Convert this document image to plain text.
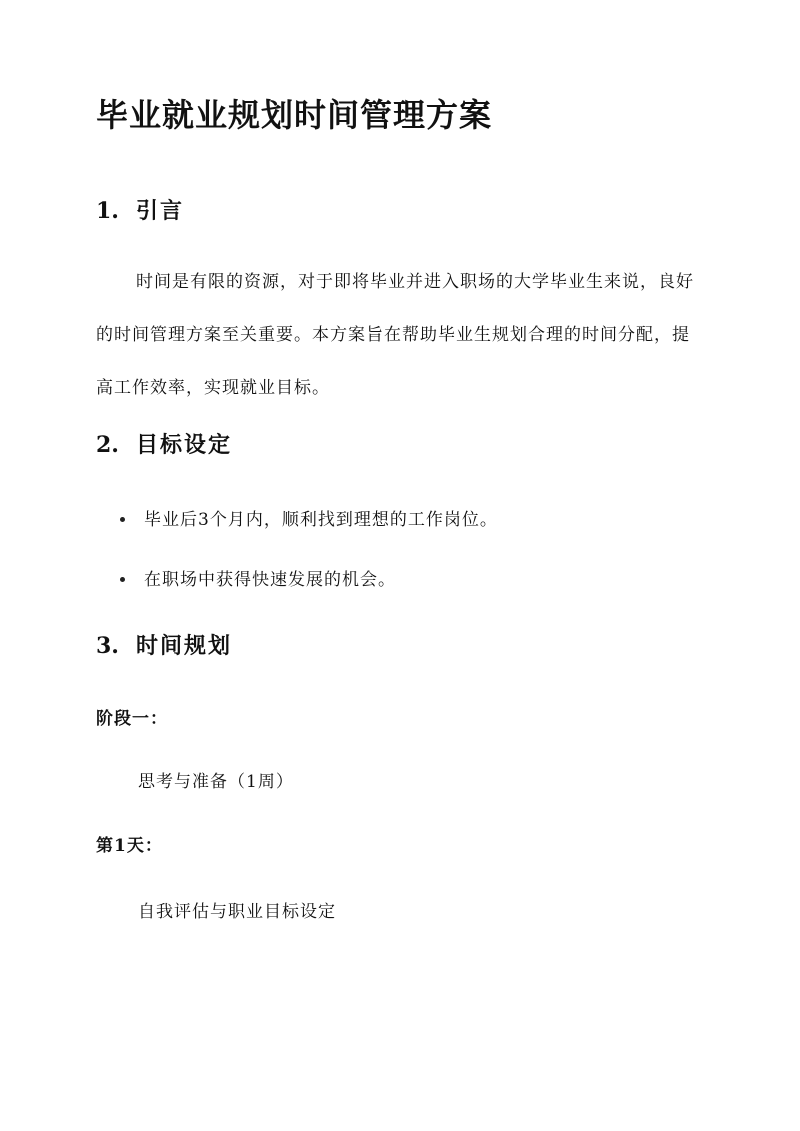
毕业就业规划时间管理方案
1. 引言

时间是有限的资源，对于即将毕业并进入职场的大学毕业生来说，良好的时间管理方案至关重要。本方案旨在帮助毕业生规划合理的时间分配，提高工作效率，实现就业目标。

2. 目标设定
毕业后3个月内，顺利找到理想的工作岗位。
在职场中获得快速发展的机会。
3. 时间规划
阶段一：
思考与准备（1周）
第1天：
自我评估与职业目标设定
